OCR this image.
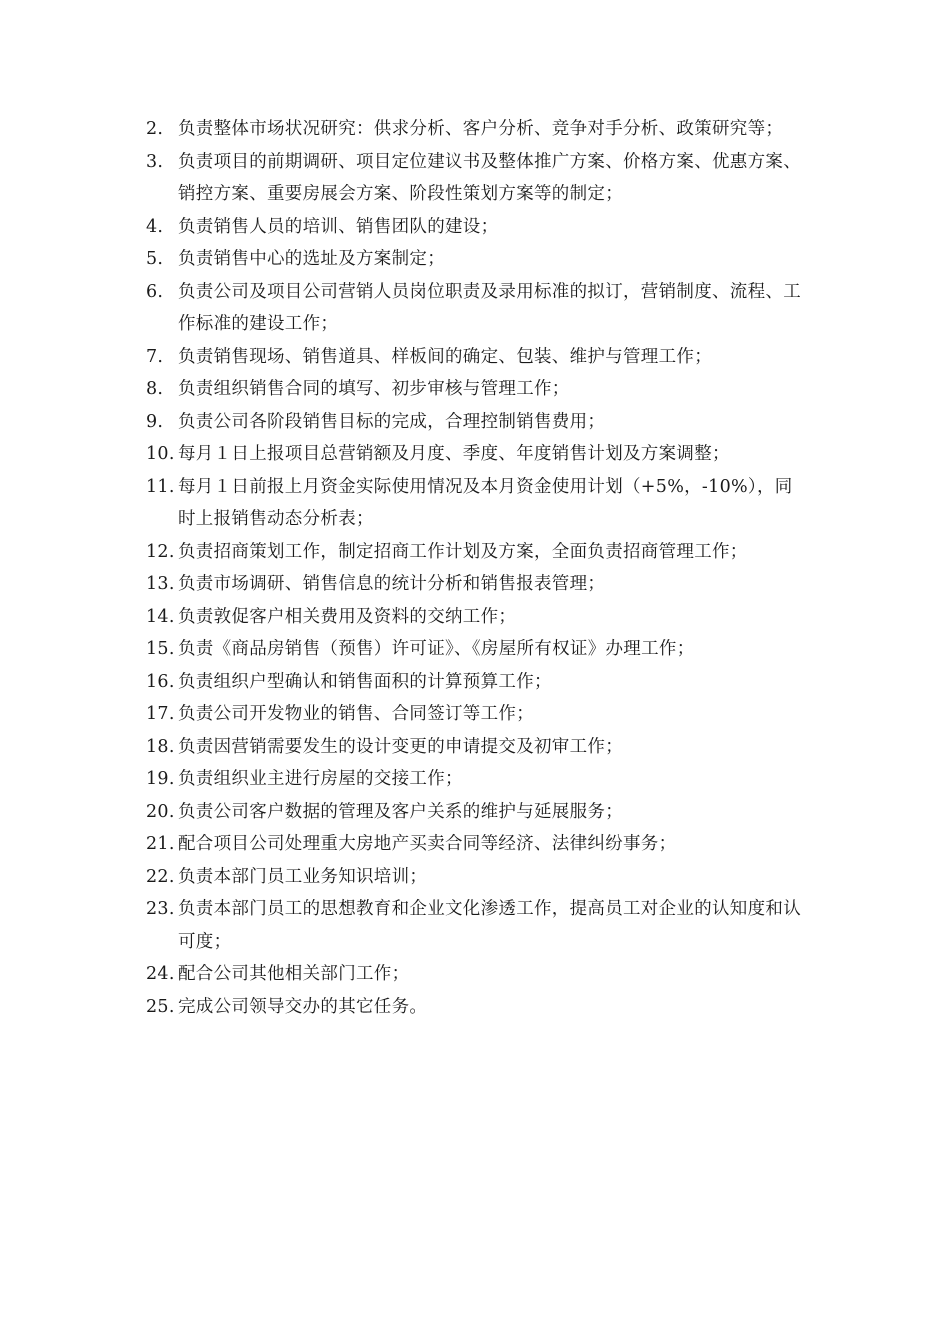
2. 负责整体市场状况研究：供求分析、客户分析、竞争对手分析、政策研究等；
3. 负责项目的前期调研、项目定位建议书及整体推广方案、价格方案、优惠方案、销控方案、重要房展会方案、阶段性策划方案等的制定；
4. 负责销售人员的培训、销售团队的建设；
5. 负责销售中心的选址及方案制定；
6. 负责公司及项目公司营销人员岗位职责及录用标准的拟订，营销制度、流程、工作标准的建设工作；
7. 负责销售现场、销售道具、样板间的确定、包装、维护与管理工作；
8. 负责组织销售合同的填写、初步审核与管理工作；
9. 负责公司各阶段销售目标的完成，合理控制销售费用；
10. 每月１日上报项目总营销额及月度、季度、年度销售计划及方案调整；
11. 每月１日前报上月资金实际使用情况及本月资金使用计划（+5%，-10%），同时上报销售动态分析表；
12. 负责招商策划工作，制定招商工作计划及方案，全面负责招商管理工作；
13. 负责市场调研、销售信息的统计分析和销售报表管理；
14. 负责敦促客户相关费用及资料的交纳工作；
15. 负责《商品房销售（预售）许可证》、《房屋所有权证》办理工作；
16. 负责组织户型确认和销售面积的计算预算工作；
17. 负责公司开发物业的销售、合同签订等工作；
18. 负责因营销需要发生的设计变更的申请提交及初审工作；
19. 负责组织业主进行房屋的交接工作；
20. 负责公司客户数据的管理及客户关系的维护与延展服务；
21. 配合项目公司处理重大房地产买卖合同等经济、法律纠纷事务；
22. 负责本部门员工业务知识培训；
23. 负责本部门员工的思想教育和企业文化渗透工作，提高员工对企业的认知度和认可度；
24. 配合公司其他相关部门工作；
25. 完成公司领导交办的其它任务。
